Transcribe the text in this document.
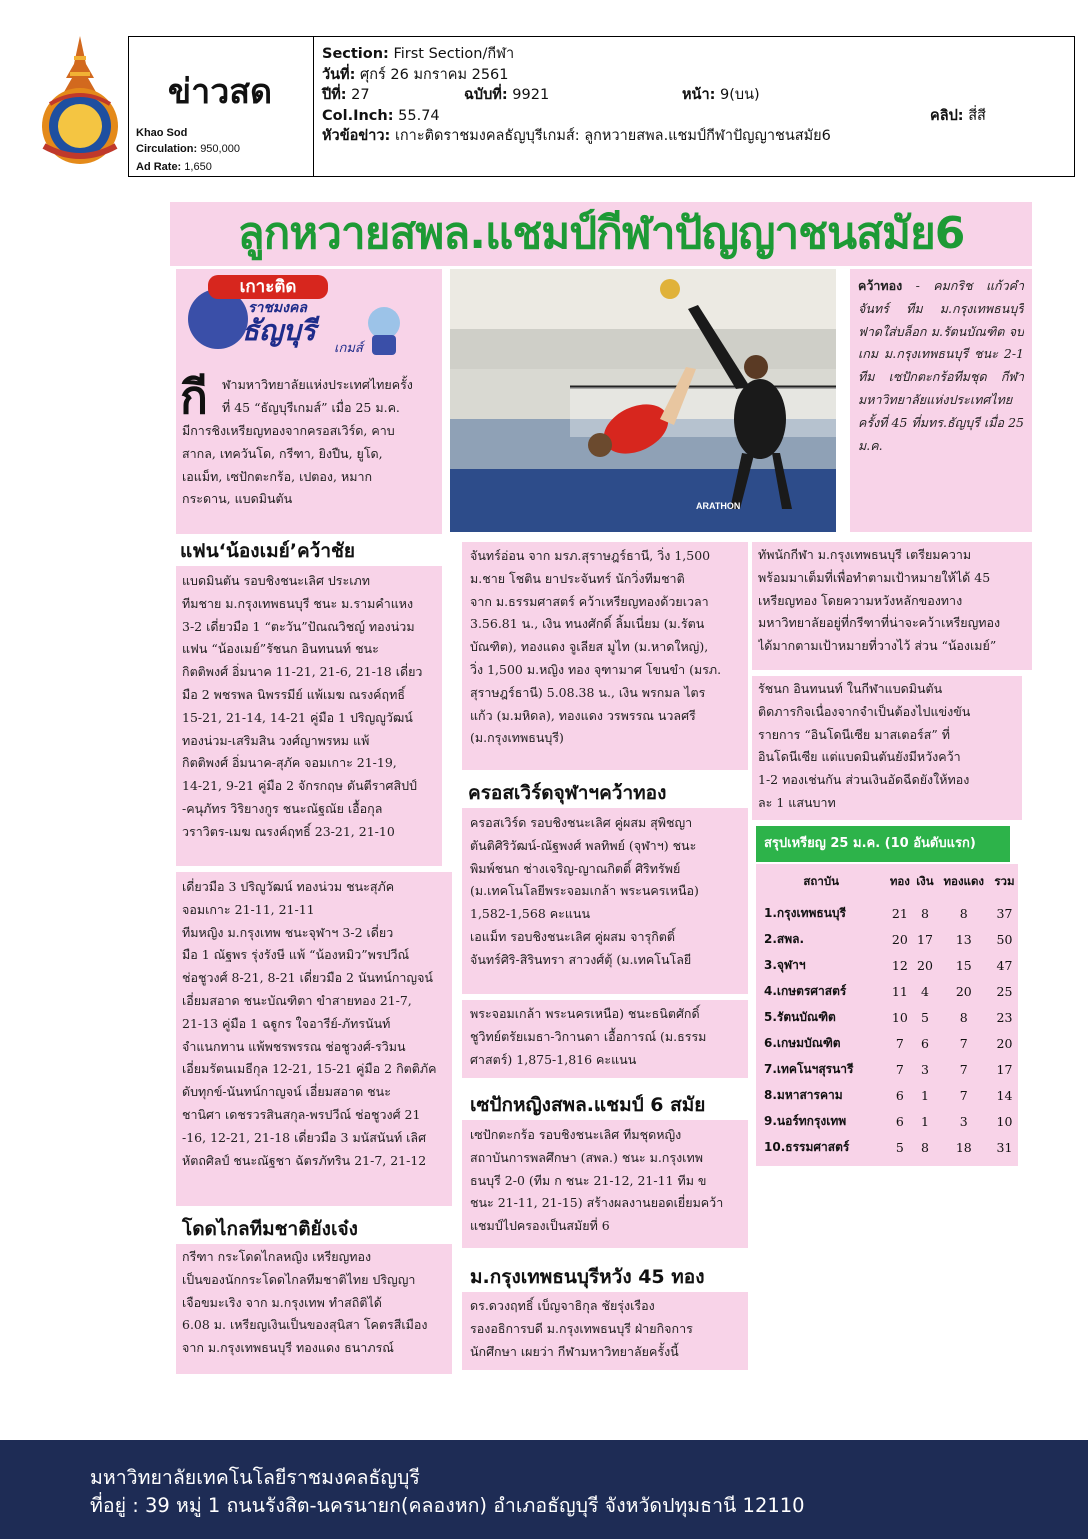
ข่าวสด
Khao Sod
Circulation: 950,000
Ad Rate: 1,650
Section: First Section/กีฬา
วันที่: ศุกร์ 26 มกราคม 2561
ปีที่: 27	ฉบับที่: 9921	หน้า: 9(บน)
Col.Inch: 55.74	คลิป: สี่สี
หัวข้อข่าว: เกาะติดราชมงคลธัญบุรีเกมส์: ลูกหวายสพล.แชมป์กีฬาปัญญาชนสมัย6
ลูกหวายสพล.แชมป์กีฬาปัญญาชนสมัย6
เกาะติด
ราชมงคล
ธัญบุรี
เกมส์
กี ฬามหาวิทยาลัยแห่งประเทศไทยครั้ง
ที่ 45 “ธัญบุรีเกมส์” เมื่อ 25 ม.ค.
มีการชิงเหรียญทองจากครอสเวิร์ด, คาบ
สากล, เทควันโด, กรีฑา, ยิงปืน, ยูโด,
เอแม็ท, เซปักตะกร้อ, เปตอง, หมาก
กระดาน, แบดมินตัน
แฟน‘น้องเมย์’คว้าชัย
แบดมินตัน รอบชิงชนะเลิศ ประเภท
ทีมชาย ม.กรุงเทพธนบุรี ชนะ ม.รามคำแหง
3-2 เดี่ยวมือ 1 “ตะวัน”ปัณณวิชญ์ ทองน่วม
แฟน “น้องเมย์”รัชนก อินทนนท์ ชนะ
กิตติพงศ์ อิ่มนาค 11-21, 21-6, 21-18 เดี่ยว
มือ 2 พชรพล นิพรรมีย์ แพ้เมฆ ณรงค์ฤทธิ์
15-21, 21-14, 14-21 คู่มือ 1 ปริญญูวัฒน์
ทองน่วม-เสริมสิน วงศ์ญาพรหม แพ้
กิตติพงศ์ อิ่มนาค-สุภัค จอมเกาะ 21-19,
14-21, 9-21 คู่มือ 2 จักรกฤษ ดันตีราศสิปป์
-คนุภัทร วิริยางกูร ชนะณัฐณัย เอื้อกุล
วราวิตร-เมฆ ณรงค์ฤทธิ์ 23-21, 21-10
เดี่ยวมือ 3 ปริญูวัฒน์ ทองน่วม ชนะสุภัค
จอมเกาะ 21-11, 21-11
ทีมหญิง ม.กรุงเทพ ชนะจุฬาฯ 3-2 เดี่ยว
มือ 1 ณัฐพร รุ่งรังษี แพ้ “น้องหมิว”พรปวีณ์
ช่อชูวงศ์ 8-21, 8-21 เดี่ยวมือ 2 นันทน์กาญจน์
เอี่ยมสอาด ชนะบัณฑิตา ขำสายทอง 21-7,
21-13 คู่มือ 1 ฉฐูกร ใจอารีย์-ภัทรนันท์
จำแนกทาน แพ้พชรพรรณ ช่อชูวงศ์-รวิมน
เอี่ยมรัตนเมธีกุล 12-21, 15-21 คู่มือ 2 กิตติภัค
ดับทุกข์-นันทน์กาญจน์ เอี่ยมสอาด ชนะ
ชานิศา เดชรวรสินสกุล-พรปวีณ์ ช่อชูวงศ์ 21
-16, 12-21, 21-18 เดี่ยวมือ 3 มนัสนันท์ เลิศ
หัตถศิลป์ ชนะณัฐชา ฉัตรภัทริน 21-7, 21-12
โดดไกลทีมชาติยังเจ๋ง
กรีฑา กระโดดไกลหญิง เหรียญทอง
เป็นของนักกระโดดไกลทีมชาติไทย ปริญญา
เจือขมะเริง จาก ม.กรุงเทพ ทำสถิติได้
6.08 ม. เหรียญเงินเป็นของสุนิสา โคตรสีเมือง
จาก ม.กรุงเทพธนบุรี ทองแดง ธนาภรณ์
ARATHON
คว้าทอง - คมกริช แก้วคำจันทร์ ทีม ม.กรุงเทพธนบุรี ฟาดใส่บล็อก ม.รัตนบัณฑิต จบเกม ม.กรุงเทพธนบุรี ชนะ 2-1 ทีม เซปักตะกร้อทีมชุด กีฬามหาวิทยาลัยแห่งประเทศไทย ครั้งที่ 45 ที่มทร.ธัญบุรี เมื่อ 25 ม.ค.
จันทร์อ่อน จาก มรภ.สุราษฎร์ธานี, วิ่ง 1,500
ม.ชาย โชติน ยาประจันทร์ นักวิ่งทีมชาติ
จาก ม.ธรรมศาสตร์ คว้าเหรียญทองด้วยเวลา
3.56.81 น., เงิน ทนงศักดิ์ ลิ้มเนี่ยม (ม.รัตน
บัณฑิต), ทองแดง จูเลียส มูไท (ม.หาดใหญ่),
วิ่ง 1,500 ม.หญิง ทอง จุฑามาศ โขนขำ (มรภ.
สุราษฎร์ธานี) 5.08.38 น., เงิน พรกมล ไตร
แก้ว (ม.มหิดล), ทองแดง วรพรรณ นวลศรี
(ม.กรุงเทพธนบุรี)
ครอสเวิร์ดจุฬาฯคว้าทอง
ครอสเวิร์ด รอบชิงชนะเลิศ คู่ผสม สุพิชญา
ตันติศิริวัฒน์-ณัฐพงศ์ พลทิพย์ (จุฬาฯ) ชนะ
พิมพ์ชนก ช่างเจริญ-ญาณกิตติ์ ศิริทรัพย์
(ม.เทคโนโลยีพระจอมเกล้า พระนครเหนือ)
1,582-1,568 คะแนน
เอแม็ท รอบชิงชนะเลิศ คู่ผสม จารุกิตติ์
จันทร์ศิริ-สิรินทรา สาวงศ์ตุ้ (ม.เทคโนโลยี
พระจอมเกล้า พระนครเหนือ) ชนะธนิตศักดิ์
ชูวิทย์ตรัยเมธา-วิกานดา เอื้อการณ์ (ม.ธรรม
ศาสตร์) 1,875-1,816 คะแนน
เซปักหญิงสพล.แชมป์ 6 สมัย
เซปักตะกร้อ รอบชิงชนะเลิศ ทีมชุดหญิง
สถาบันการพลศึกษา (สพล.) ชนะ ม.กรุงเทพ
ธนบุรี 2-0 (ทีม ก ชนะ 21-12, 21-11 ทีม ข
ชนะ 21-11, 21-15) สร้างผลงานยอดเยี่ยมคว้า
แชมป์ไปครองเป็นสมัยที่ 6
ม.กรุงเทพธนบุรีหวัง 45 ทอง
ดร.ดวงฤทธิ์ เบ็ญจาธิกุล ชัยรุ่งเรือง
รองอธิการบดี ม.กรุงเทพธนบุรี ฝ่ายกิจการ
นักศึกษา เผยว่า กีฬามหาวิทยาลัยครั้งนี้
ทัพนักกีฬา ม.กรุงเทพธนบุรี เตรียมความ
พร้อมมาเต็มที่เพื่อทำตามเป้าหมายให้ได้ 45
เหรียญทอง โดยความหวังหลักของทาง
มหาวิทยาลัยอยู่ที่กรีฑาที่น่าจะคว้าเหรียญทอง
ได้มากตามเป้าหมายที่วางไว้ ส่วน “น้องเมย์”
รัชนก อินทนนท์ ในกีฬาแบดมินตัน
ติดภารกิจเนื่องจากจำเป็นต้องไปแข่งขัน
รายการ “อินโดนีเซีย มาสเตอร์ส” ที่
อินโดนีเซีย แต่แบดมินตันยังมีหวังคว้า
1-2 ทองเช่นกัน ส่วนเงินอัดฉีดยังให้ทอง
ละ 1 แสนบาท
สรุปเหรียญ 25 ม.ค. (10 อันดับแรก)
สถาบัน	ทอง	เงิน	ทองแดง	รวม
1.กรุงเทพธนบุรี	21	8	8	37
2.สพล.	20	17	13	50
3.จุฬาฯ	12	20	15	47
4.เกษตรศาสตร์	11	4	20	25
5.รัตนบัณฑิต	10	5	8	23
6.เกษมบัณฑิต	7	6	7	20
7.เทคโนฯสุรนารี	7	3	7	17
8.มหาสารคาม	6	1	7	14
9.นอร์ทกรุงเทพ	6	1	3	10
10.ธรรมศาสตร์	5	8	18	31
มหาวิทยาลัยเทคโนโลยีราชมงคลธัญบุรี
ที่อยู่ : 39 หมู่ 1 ถนนรังสิต-นครนายก(คลองหก) อำเภอธัญบุรี จังหวัดปทุมธานี 12110
